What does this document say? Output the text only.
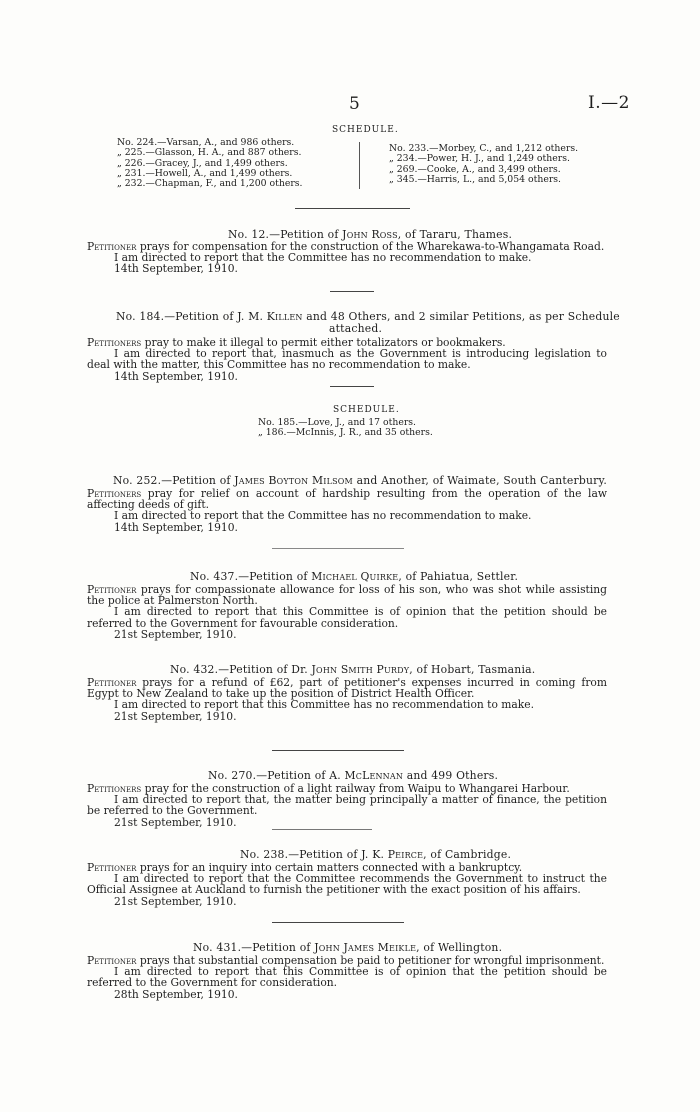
5	I.—2
SCHEDULE.
No. 224.—Varsan, A., and 986 others.
„ 225.—Glasson, H. A., and 887 others.
„ 226.—Gracey, J., and 1,499 others.
„ 231.—Howell, A., and 1,499 others.
„ 232.—Chapman, F., and 1,200 others.
No. 233.—Morbey, C., and 1,212 others.
„ 234.—Power, H. J., and 1,249 others.
„ 269.—Cooke, A., and 3,499 others.
„ 345.—Harris, L., and 5,054 others.
No. 12.—Petition of John Ross, of Tararu, Thames.

Petitioner prays for compensation for the construction of the Wharekawa-to-Whangamata Road.

I am directed to report that the Committee has no recommendation to make.

14th September, 1910.

No. 184.—Petition of J. M. Killen and 48 Others, and 2 similar Petitions, as per Schedule
attached.

Petitioners pray to make it illegal to permit either totalizators or bookmakers.

I am directed to report that, inasmuch as the Government is introducing legislation to deal with the matter, this Committee has no recommendation to make.

14th September, 1910.

SCHEDULE.
No. 185.—Love, J., and 17 others.
„ 186.—McInnis, J. R., and 35 others.
No. 252.—Petition of James Boyton Milsom and Another, of Waimate, South Canterbury.

Petitioners pray for relief on account of hardship resulting from the operation of the law affecting deeds of gift.

I am directed to report that the Committee has no recommendation to make.

14th September, 1910.

No. 437.—Petition of Michael Quirke, of Pahiatua, Settler.

Petitioner prays for compassionate allowance for loss of his son, who was shot while assisting the police at Palmerston North.

I am directed to report that this Committee is of opinion that the petition should be referred to the Government for favourable consideration.

21st September, 1910.

No. 432.—Petition of Dr. John Smith Purdy, of Hobart, Tasmania.

Petitioner prays for a refund of £62, part of petitioner's expenses incurred in coming from Egypt to New Zealand to take up the position of District Health Officer.

I am directed to report that this Committee has no recommendation to make.

21st September, 1910.

No. 270.—Petition of A. McLennan and 499 Others.

Petitioners pray for the construction of a light railway from Waipu to Whangarei Harbour.

I am directed to report that, the matter being principally a matter of finance, the petition be referred to the Government.

21st September, 1910.

No. 238.—Petition of J. K. Peirce, of Cambridge.

Petitioner prays for an inquiry into certain matters connected with a bankruptcy.

I am directed to report that the Committee recommends the Government to instruct the Official Assignee at Auckland to furnish the petitioner with the exact position of his affairs.

21st September, 1910.

No. 431.—Petition of John James Meikle, of Wellington.

Petitioner prays that substantial compensation be paid to petitioner for wrongful imprisonment.

I am directed to report that this Committee is of opinion that the petition should be referred to the Government for consideration.

28th September, 1910.
